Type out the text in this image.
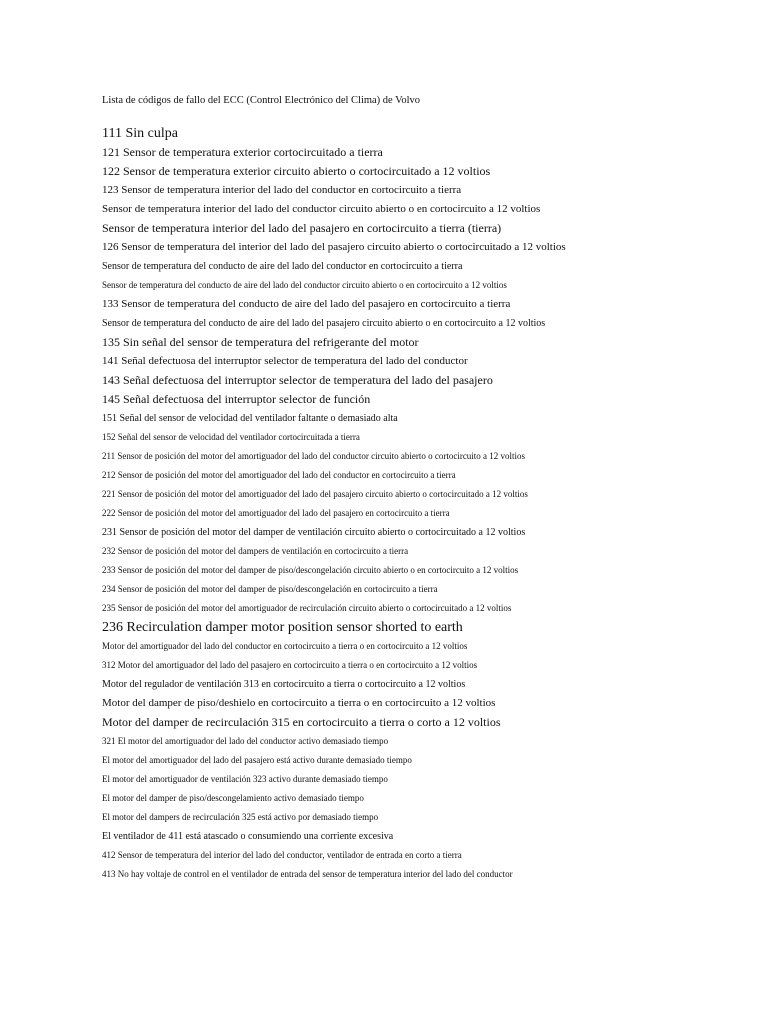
Lista de códigos de fallo del ECC (Control Electrónico del Clima) de Volvo
111 Sin culpa
121 Sensor de temperatura exterior cortocircuitado a tierra
122 Sensor de temperatura exterior circuito abierto o cortocircuitado a 12 voltios
123 Sensor de temperatura interior del lado del conductor en cortocircuito a tierra
Sensor de temperatura interior del lado del conductor circuito abierto o en cortocircuito a 12 voltios
Sensor de temperatura interior del lado del pasajero en cortocircuito a tierra (tierra)
126 Sensor de temperatura del interior del lado del pasajero circuito abierto o cortocircuitado a 12 voltios
Sensor de temperatura del conducto de aire del lado del conductor en cortocircuito a tierra
Sensor de temperatura del conducto de aire del lado del conductor circuito abierto o en cortocircuito a 12 voltios
133 Sensor de temperatura del conducto de aire del lado del pasajero en cortocircuito a tierra
Sensor de temperatura del conducto de aire del lado del pasajero circuito abierto o en cortocircuito a 12 voltios
135 Sin señal del sensor de temperatura del refrigerante del motor
141 Señal defectuosa del interruptor selector de temperatura del lado del conductor
143 Señal defectuosa del interruptor selector de temperatura del lado del pasajero
145 Señal defectuosa del interruptor selector de función
151 Señal del sensor de velocidad del ventilador faltante o demasiado alta
152 Señal del sensor de velocidad del ventilador cortocircuitada a tierra
211 Sensor de posición del motor del amortiguador del lado del conductor circuito abierto o cortocircuito a 12 voltios
212 Sensor de posición del motor del amortiguador del lado del conductor en cortocircuito a tierra
221 Sensor de posición del motor del amortiguador del lado del pasajero circuito abierto o cortocircuitado a 12 voltios
222 Sensor de posición del motor del amortiguador del lado del pasajero en cortocircuito a tierra
231 Sensor de posición del motor del damper de ventilación circuito abierto o cortocircuitado a 12 voltios
232 Sensor de posición del motor del dampers de ventilación en cortocircuito a tierra
233 Sensor de posición del motor del damper de piso/descongelación circuito abierto o en cortocircuito a 12 voltios
234 Sensor de posición del motor del damper de piso/descongelación en cortocircuito a tierra
235 Sensor de posición del motor del amortiguador de recirculación circuito abierto o cortocircuitado a 12 voltios
236 Recirculation damper motor position sensor shorted to earth
Motor del amortiguador del lado del conductor en cortocircuito a tierra o en cortocircuito a 12 voltios
312 Motor del amortiguador del lado del pasajero en cortocircuito a tierra o en cortocircuito a 12 voltios
Motor del regulador de ventilación 313 en cortocircuito a tierra o cortocircuito a 12 voltios
Motor del damper de piso/deshielo en cortocircuito a tierra o en cortocircuito a 12 voltios
Motor del damper de recirculación 315 en cortocircuito a tierra o corto a 12 voltios
321 El motor del amortiguador del lado del conductor activo demasiado tiempo
El motor del amortiguador del lado del pasajero está activo durante demasiado tiempo
El motor del amortiguador de ventilación 323 activo durante demasiado tiempo
El motor del damper de piso/descongelamiento activo demasiado tiempo
El motor del dampers de recirculación 325 está activo por demasiado tiempo
El ventilador de 411 está atascado o consumiendo una corriente excesiva
412 Sensor de temperatura del interior del lado del conductor, ventilador de entrada en corto a tierra
413 No hay voltaje de control en el ventilador de entrada del sensor de temperatura interior del lado del conductor
